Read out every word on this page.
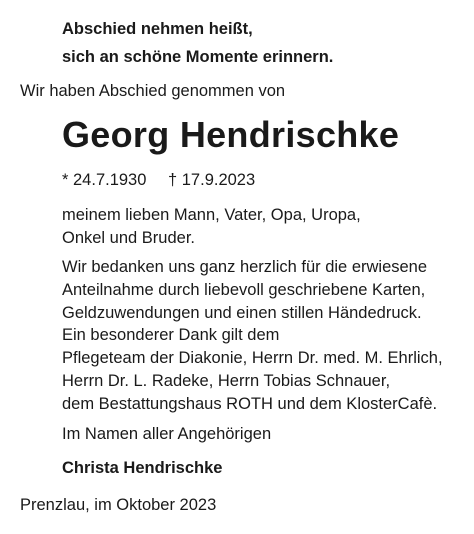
Abschied nehmen heißt,
sich an schöne Momente erinnern.
Wir haben Abschied genommen von
Georg Hendrischke
* 24.7.1930 † 17.9.2023
meinem lieben Mann, Vater, Opa, Uropa,
Onkel und Bruder.
Wir bedanken uns ganz herzlich für die erwiesene
Anteilnahme durch liebevoll geschriebene Karten,
Geldzuwendungen und einen stillen Händedruck.
Ein besonderer Dank gilt dem
Pflegeteam der Diakonie, Herrn Dr. med. M. Ehrlich,
Herrn Dr. L. Radeke, Herrn Tobias Schnauer,
dem Bestattungshaus ROTH und dem KlosterCafè.
Im Namen aller Angehörigen
Christa Hendrischke
Prenzlau, im Oktober 2023
